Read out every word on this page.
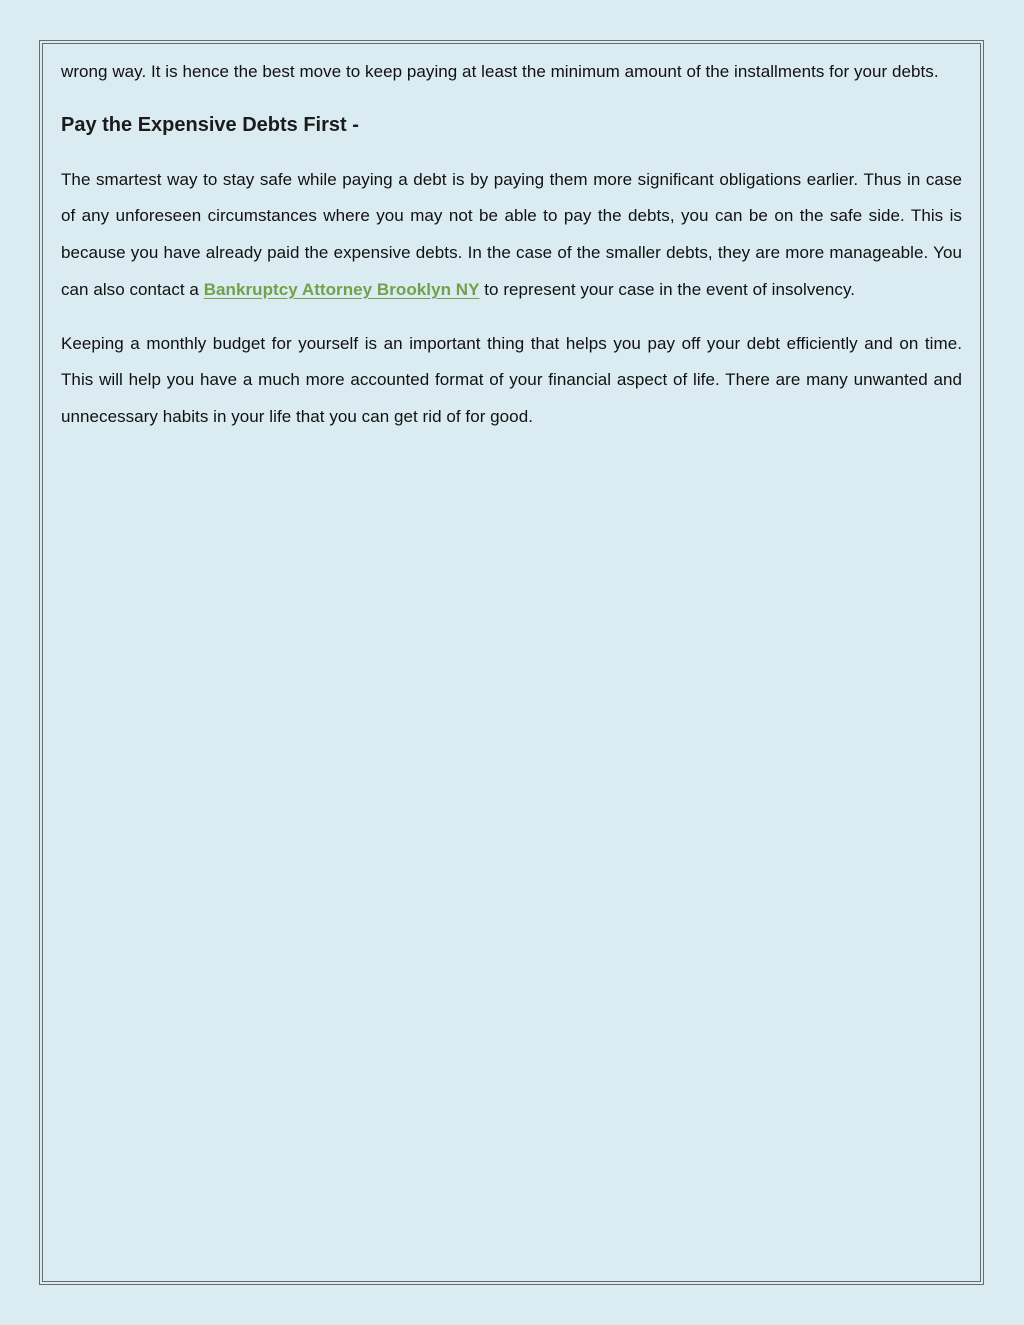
wrong way. It is hence the best move to keep paying at least the minimum amount of the installments for your debts.

Pay the Expensive Debts First -

The smartest way to stay safe while paying a debt is by paying them more significant obligations earlier. Thus in case of any unforeseen circumstances where you may not be able to pay the debts, you can be on the safe side. This is because you have already paid the expensive debts. In the case of the smaller debts, they are more manageable. You can also contact a Bankruptcy Attorney Brooklyn NY to represent your case in the event of insolvency.

Keeping a monthly budget for yourself is an important thing that helps you pay off your debt efficiently and on time. This will help you have a much more accounted format of your financial aspect of life. There are many unwanted and unnecessary habits in your life that you can get rid of for good.
